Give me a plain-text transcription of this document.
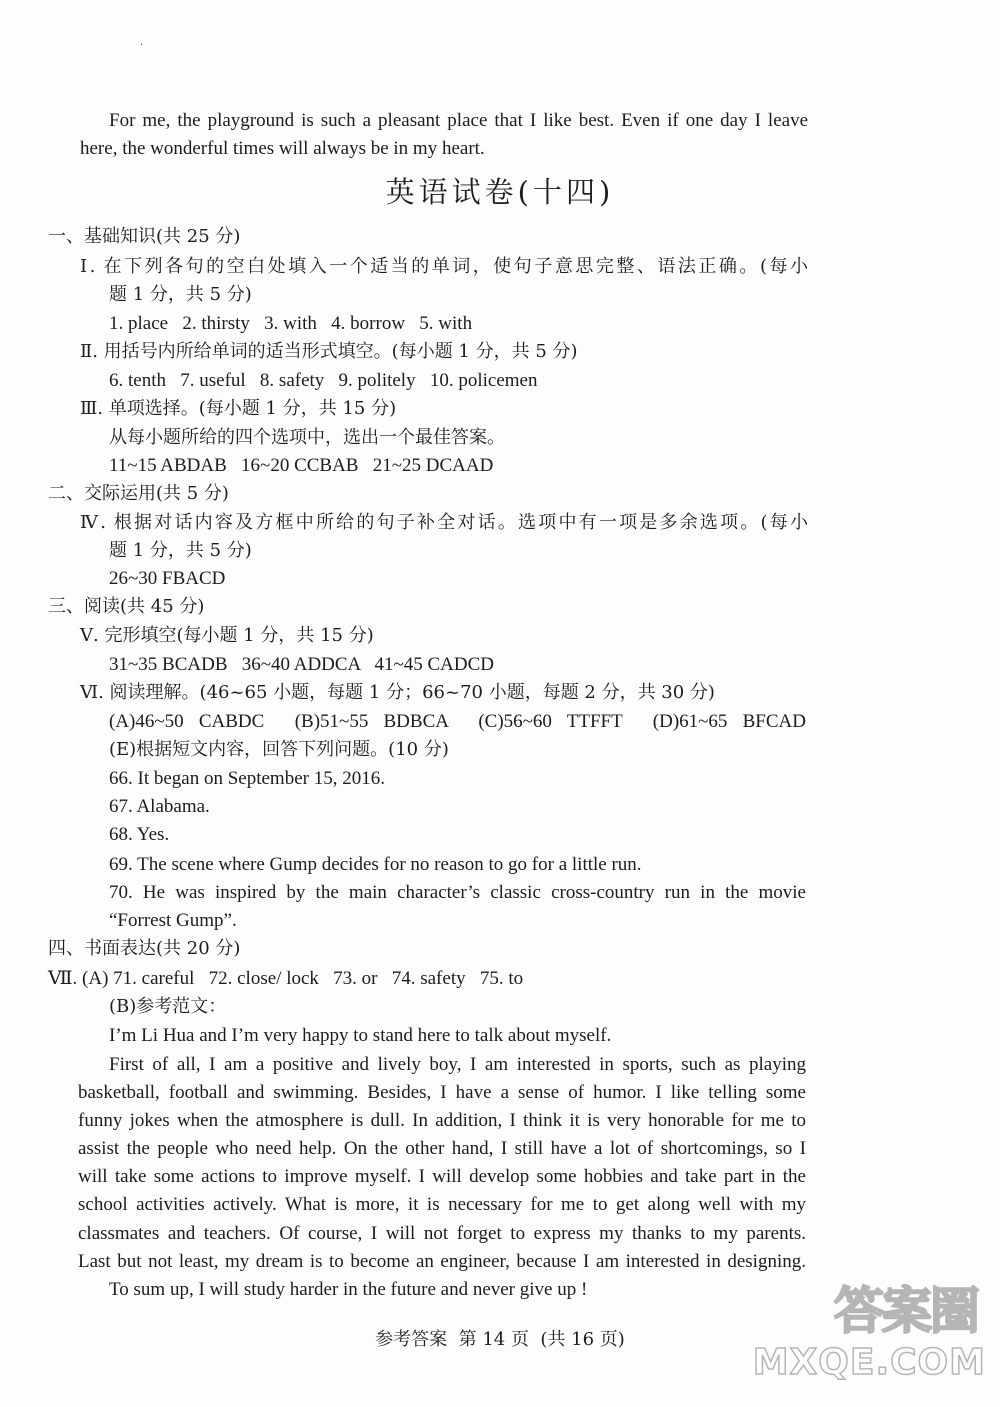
·
For me, the playground is such a pleasant place that I like best. Even if one day I leave
here, the wonderful times will always be in my heart.
英语试卷(十四)
一、基础知识(共 25 分)
Ⅰ. 在下列各句的空白处填入一个适当的单词，使句子意思完整、语法正确。(每小
题 1 分，共 5 分)
1. place   2. thirsty   3. with   4. borrow   5. with
Ⅱ. 用括号内所给单词的适当形式填空。(每小题 1 分，共 5 分)
6. tenth   7. useful   8. safety   9. politely   10. policemen
Ⅲ. 单项选择。(每小题 1 分，共 15 分)
从每小题所给的四个选项中，选出一个最佳答案。
11~15 ABDAB   16~20 CCBAB   21~25 DCAAD
二、交际运用(共 5 分)
Ⅳ. 根据对话内容及方框中所给的句子补全对话。选项中有一项是多余选项。(每小
题 1 分，共 5 分)
26~30 FBACD
三、阅读(共 45 分)
Ⅴ. 完形填空(每小题 1 分，共 15 分)
31~35 BCADB   36~40 ADDCA   41~45 CADCD
Ⅵ. 阅读理解。(46~65 小题，每题 1 分；66~70 小题，每题 2 分，共 30 分)
(A)46~50 CABDC  (B)51~55 BDBCA  (C)56~60 TTFFT  (D)61~65 BFCAD
(E)根据短文内容，回答下列问题。(10 分)
66. It began on September 15, 2016.
67. Alabama.
68. Yes.
69. The scene where Gump decides for no reason to go for a little run.
70. He was inspired by the main character’s classic cross-country run in the movie
“Forrest Gump”.
四、书面表达(共 20 分)
Ⅶ. (A) 71. careful   72. close/ lock   73. or   74. safety   75. to
(B)参考范文：
I’m Li Hua and I’m very happy to stand here to talk about myself.
First of all, I am a positive and lively boy, I am interested in sports, such as playing
basketball, football and swimming. Besides, I have a sense of humor. I like telling some
funny jokes when the atmosphere is dull. In addition, I think it is very honorable for me to
assist the people who need help. On the other hand, I still have a lot of shortcomings, so I
will take some actions to improve myself. I will develop some hobbies and take part in the
school activities actively. What is more, it is necessary for me to get along well with my
classmates and teachers. Of course, I will not forget to express my thanks to my parents.
Last but not least, my dream is to become an engineer, because I am interested in designing.
To sum up, I will study harder in the future and never give up !
参考答案  第 14 页  (共 16 页)	答案圈
MXQE.COM
